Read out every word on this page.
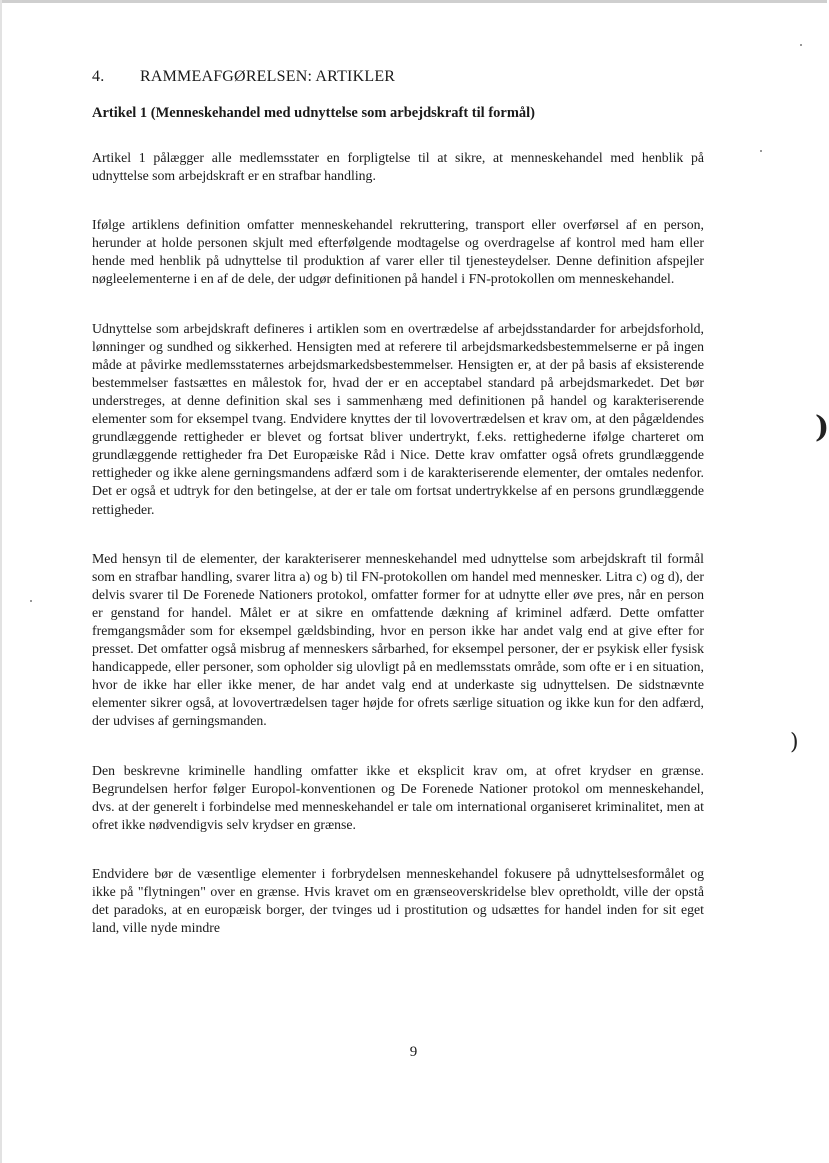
4. RAMMEAFGØRELSEN: ARTIKLER
Artikel 1 (Menneskehandel med udnyttelse som arbejdskraft til formål)

Artikel 1 pålægger alle medlemsstater en forpligtelse til at sikre, at menneskehandel med henblik på udnyttelse som arbejdskraft er en strafbar handling.

Ifølge artiklens definition omfatter menneskehandel rekruttering, transport eller overførsel af en person, herunder at holde personen skjult med efterfølgende modtagelse og overdragelse af kontrol med ham eller hende med henblik på udnyttelse til produktion af varer eller til tjenesteydelser. Denne definition afspejler nøgleelementerne i en af de dele, der udgør definitionen på handel i FN-protokollen om menneskehandel.

Udnyttelse som arbejdskraft defineres i artiklen som en overtrædelse af arbejdsstandarder for arbejdsforhold, lønninger og sundhed og sikkerhed. Hensigten med at referere til arbejdsmarkedsbestemmelserne er på ingen måde at påvirke medlemsstaternes arbejdsmarkedsbestemmelser. Hensigten er, at der på basis af eksisterende bestemmelser fastsættes en målestok for, hvad der er en acceptabel standard på arbejdsmarkedet. Det bør understreges, at denne definition skal ses i sammenhæng med definitionen på handel og karakteriserende elementer som for eksempel tvang. Endvidere knyttes der til lovovertrædelsen et krav om, at den pågældendes grundlæggende rettigheder er blevet og fortsat bliver undertrykt, f.eks. rettighederne ifølge charteret om grundlæggende rettigheder fra Det Europæiske Råd i Nice. Dette krav omfatter også ofrets grundlæggende rettigheder og ikke alene gerningsmandens adfærd som i de karakteriserende elementer, der omtales nedenfor. Det er også et udtryk for den betingelse, at der er tale om fortsat undertrykkelse af en persons grundlæggende rettigheder.

Med hensyn til de elementer, der karakteriserer menneskehandel med udnyttelse som arbejdskraft til formål som en strafbar handling, svarer litra a) og b) til FN-protokollen om handel med mennesker. Litra c) og d), der delvis svarer til De Forenede Nationers protokol, omfatter former for at udnytte eller øve pres, når en person er genstand for handel. Målet er at sikre en omfattende dækning af kriminel adfærd. Dette omfatter fremgangsmåder som for eksempel gældsbinding, hvor en person ikke har andet valg end at give efter for presset. Det omfatter også misbrug af menneskers sårbarhed, for eksempel personer, der er psykisk eller fysisk handicappede, eller personer, som opholder sig ulovligt på en medlemsstats område, som ofte er i en situation, hvor de ikke har eller ikke mener, de har andet valg end at underkaste sig udnyttelsen. De sidstnævnte elementer sikrer også, at lovovertrædelsen tager højde for ofrets særlige situation og ikke kun for den adfærd, der udvises af gerningsmanden.

Den beskrevne kriminelle handling omfatter ikke et eksplicit krav om, at ofret krydser en grænse. Begrundelsen herfor følger Europol-konventionen og De Forenede Nationer protokol om menneskehandel, dvs. at der generelt i forbindelse med menneskehandel er tale om international organiseret kriminalitet, men at ofret ikke nødvendigvis selv krydser en grænse.

Endvidere bør de væsentlige elementer i forbrydelsen menneskehandel fokusere på udnyttelsesformålet og ikke på "flytningen" over en grænse. Hvis kravet om en grænseoverskridelse blev opretholdt, ville der opstå det paradoks, at en europæisk borger, der tvinges ud i prostitution og udsættes for handel inden for sit eget land, ville nyde mindre

9
)
)
